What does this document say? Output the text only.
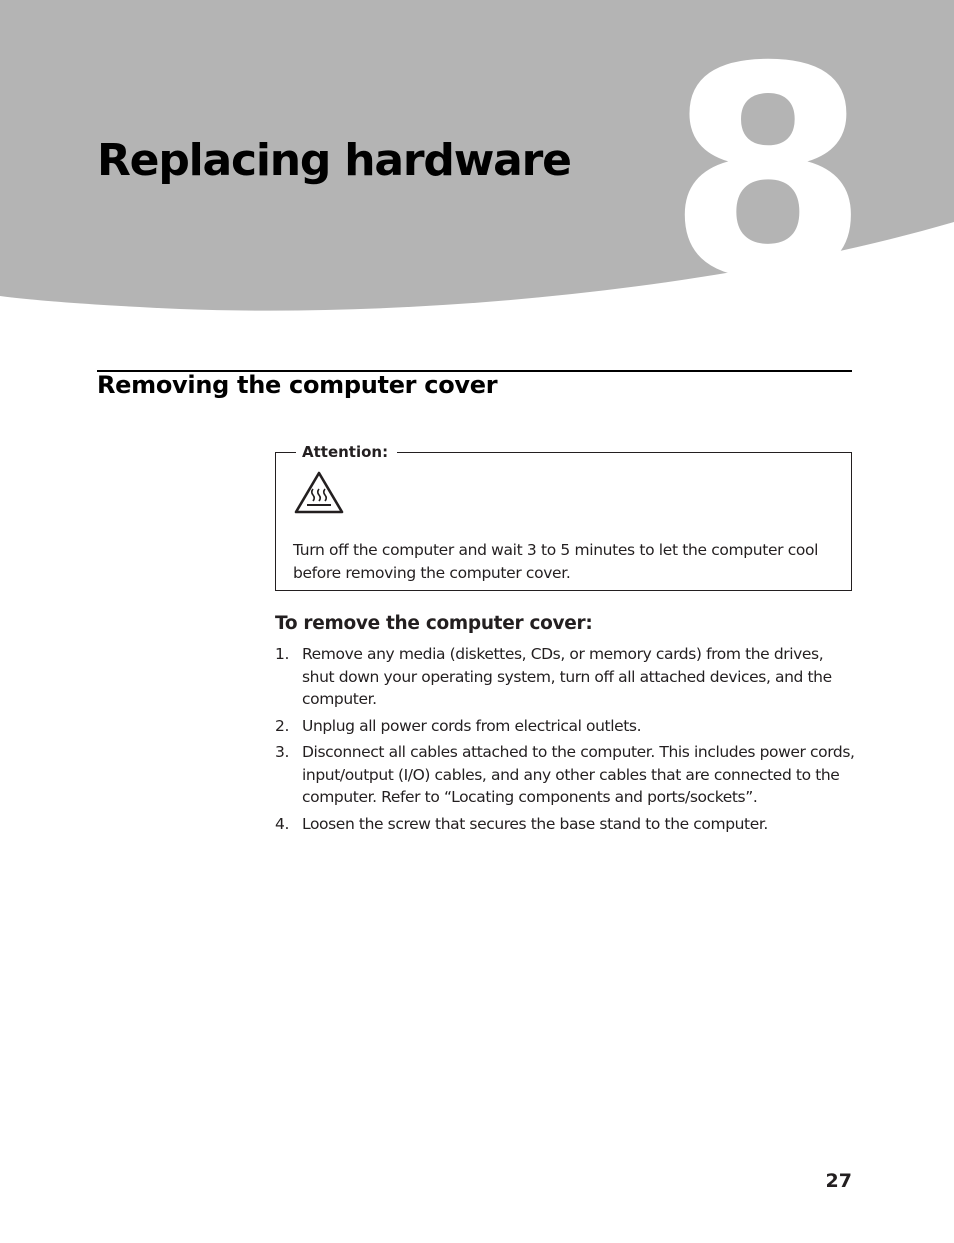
8
Replacing hardware
Removing the computer cover
Attention:

Turn off the computer and wait 3 to 5 minutes to let the computer cool before removing the computer cover.

To remove the computer cover:
1. Remove any media (diskettes, CDs, or memory cards) from the drives, shut down your operating system, turn off all attached devices, and the computer.
2. Unplug all power cords from electrical outlets.
3. Disconnect all cables attached to the computer. This includes power cords, input/output (I/O) cables, and any other cables that are connected to the computer. Refer to “Locating components and ports/sockets”.
4. Loosen the screw that secures the base stand to the computer.
27
